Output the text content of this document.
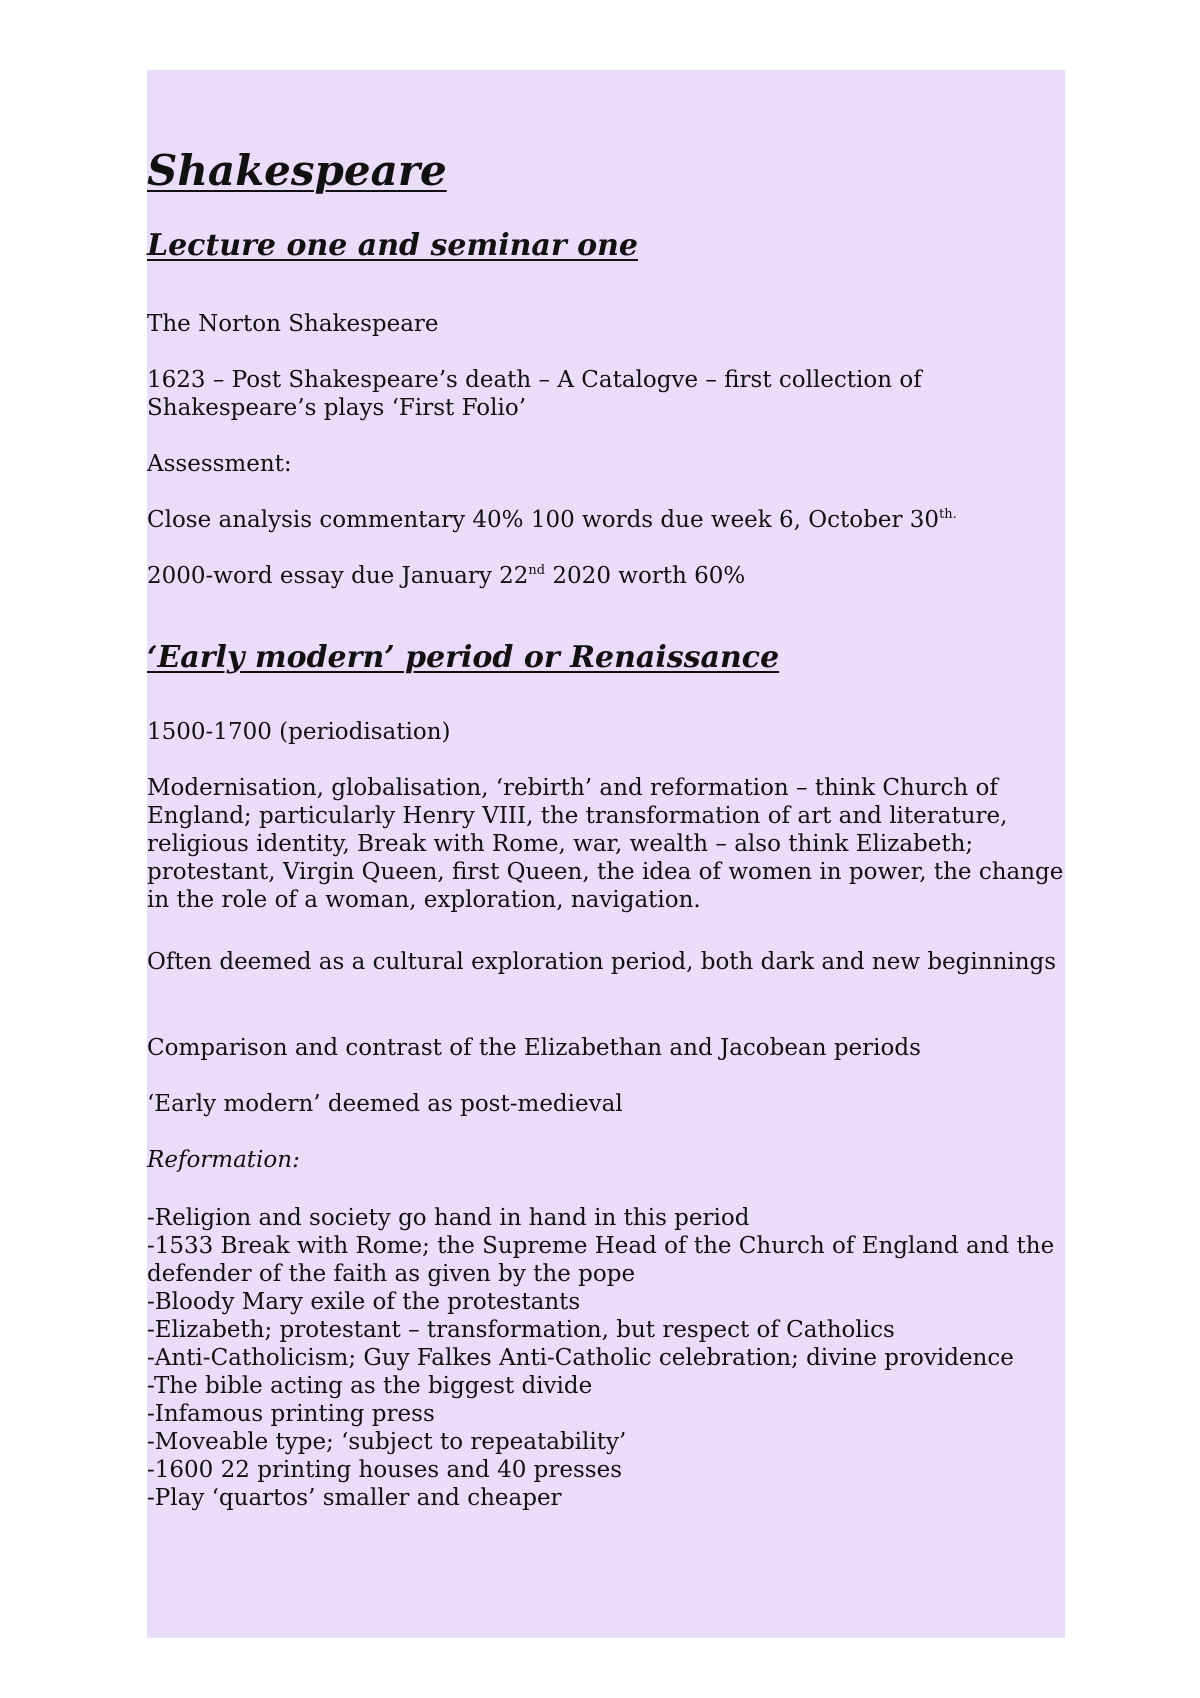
Shakespeare
Lecture one and seminar one

The Norton Shakespeare

1623 – Post Shakespeare’s death – A Catalogve – first collection of Shakespeare’s plays ‘First Folio’

Assessment:

Close analysis commentary 40% 100 words due week 6, October $30^{th.}$

2000-word essay due January 22nd 2020 worth 60%

‘Early modern’ period or Renaissance

1500-1700 (periodisation)

Modernisation, globalisation, ‘rebirth’ and reformation – think Church of England; particularly Henry VIII, the transformation of art and literature, religious identity, Break with Rome, war, wealth – also think Elizabeth; protestant, Virgin Queen, first Queen, the idea of women in power, the change in the role of a woman, exploration, navigation.

Often deemed as a cultural exploration period, both dark and new beginnings

Comparison and contrast of the Elizabethan and Jacobean periods

‘Early modern’ deemed as post-medieval

Reformation:

-Religion and society go hand in hand in this period
-1533 Break with Rome; the Supreme Head of the Church of England and the defender of the faith as given by the pope
-Bloody Mary exile of the protestants
-Elizabeth; protestant – transformation, but respect of Catholics
-Anti-Catholicism; Guy Falkes Anti-Catholic celebration; divine providence
-The bible acting as the biggest divide
-Infamous printing press
-Moveable type; ‘subject to repeatability’
-1600 22 printing houses and 40 presses
-Play ‘quartos’ smaller and cheaper
